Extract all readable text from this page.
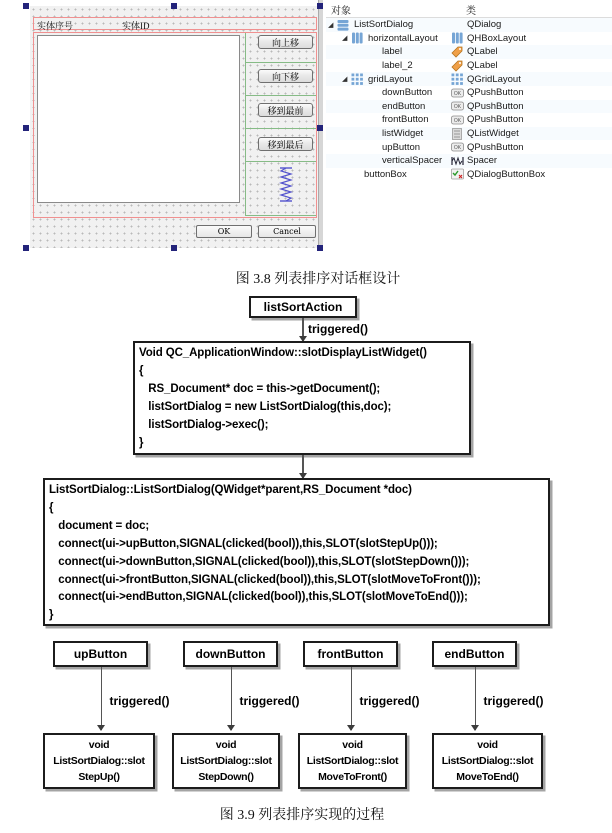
实体序号	实体ID
向上移
向下移
移到最前
移到最后
OK	Cancel
对象	类
◢ ListSortDialog	QDialog
◢ horizontalLayout	QHBoxLayout
label	QLabel
label_2	QLabel
◢ gridLayout	QGridLayout
downButton	OK QPushButton
endButton	OK QPushButton
frontButton	OK QPushButton
listWidget	QListWidget
upButton	OK QPushButton
verticalSpacer	Spacer
buttonBox	QDialogButtonBox
图 3.8 列表排序对话框设计
图 3.9 列表排序实现的过程
listSortAction
triggered()
Void QC_ApplicationWindow::slotDisplayListWidget()
{
RS_Document* doc = this->getDocument();
listSortDialog = new ListSortDialog(this,doc);
listSortDialog->exec();
}
ListSortDialog::ListSortDialog(QWidget*parent,RS_Document *doc)
{
document = doc;
connect(ui->upButton,SIGNAL(clicked(bool)),this,SLOT(slotStepUp()));
connect(ui->downButton,SIGNAL(clicked(bool)),this,SLOT(slotStepDown()));
connect(ui->frontButton,SIGNAL(clicked(bool)),this,SLOT(slotMoveToFront()));
connect(ui->endButton,SIGNAL(clicked(bool)),this,SLOT(slotMoveToEnd()));
}
upButton	downButton	frontButton	endButton
triggered()	triggered()	triggered()	triggered()
void
ListSortDialog::slot
StepUp()
void
ListSortDialog::slot
StepDown()
void
ListSortDialog::slot
MoveToFront()
void
ListSortDialog::slot
MoveToEnd()
